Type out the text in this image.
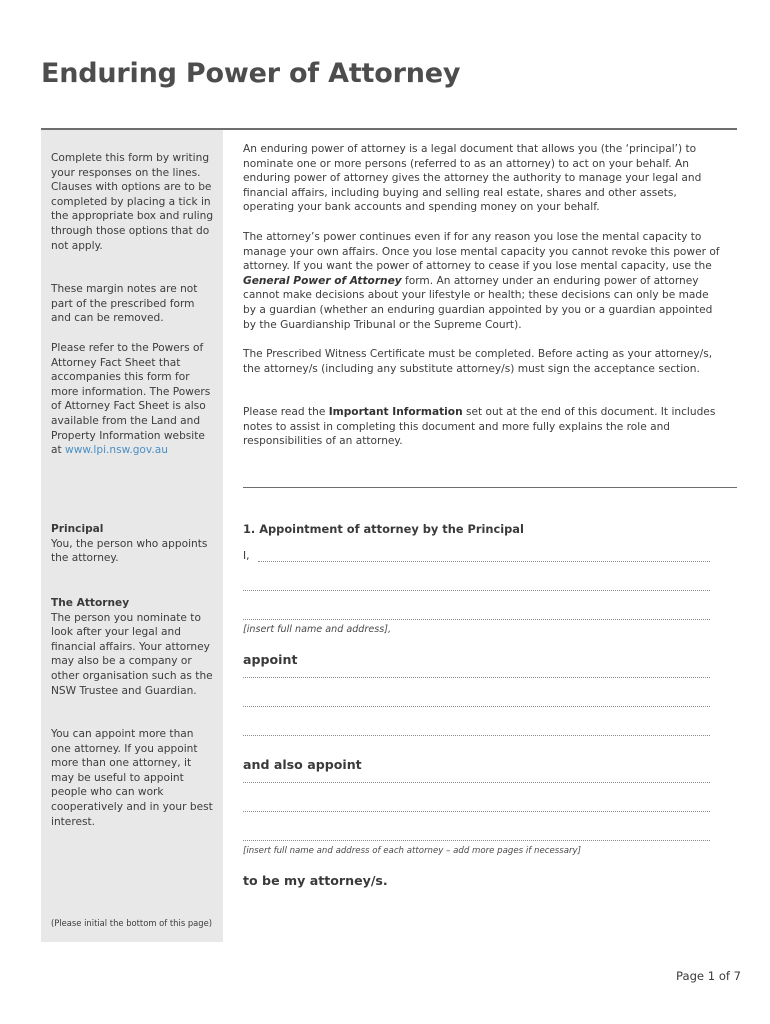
Enduring Power of Attorney

Complete this form by writing your responses on the lines. Clauses with options are to be completed by placing a tick in the appropriate box and ruling through those options that do not apply.

These margin notes are not part of the prescribed form and can be removed.

Please refer to the Powers of Attorney Fact Sheet that accompanies this form for more information. The Powers of Attorney Fact Sheet is also available from the Land and Property Information website at www.lpi.nsw.gov.au

Principal
You, the person who appoints the attorney.

The Attorney
The person you nominate to look after your legal and financial affairs. Your attorney may also be a company or other organisation such as the NSW Trustee and Guardian.

You can appoint more than one attorney. If you appoint more than one attorney, it may be useful to appoint people who can work cooperatively and in your best interest.

(Please initial the bottom of this page)

An enduring power of attorney is a legal document that allows you (the ‘principal’) to nominate one or more persons (referred to as an attorney) to act on your behalf. An enduring power of attorney gives the attorney the authority to manage your legal and financial affairs, including buying and selling real estate, shares and other assets, operating your bank accounts and spending money on your behalf.

The attorney’s power continues even if for any reason you lose the mental capacity to manage your own affairs. Once you lose mental capacity you cannot revoke this power of attorney. If you want the power of attorney to cease if you lose mental capacity, use the General Power of Attorney form. An attorney under an enduring power of attorney cannot make decisions about your lifestyle or health; these decisions can only be made by a guardian (whether an enduring guardian appointed by you or a guardian appointed by the Guardianship Tribunal or the Supreme Court).

The Prescribed Witness Certificate must be completed. Before acting as your attorney/s, the attorney/s (including any substitute attorney/s) must sign the acceptance section.

Please read the Important Information set out at the end of this document. It includes notes to assist in completing this document and more fully explains the role and responsibilities of an attorney.

1. Appointment of attorney by the Principal

I,

[insert full name and address],

appoint

and also appoint

[insert full name and address of each attorney – add more pages if necessary]

to be my attorney/s.

Page 1 of 7
